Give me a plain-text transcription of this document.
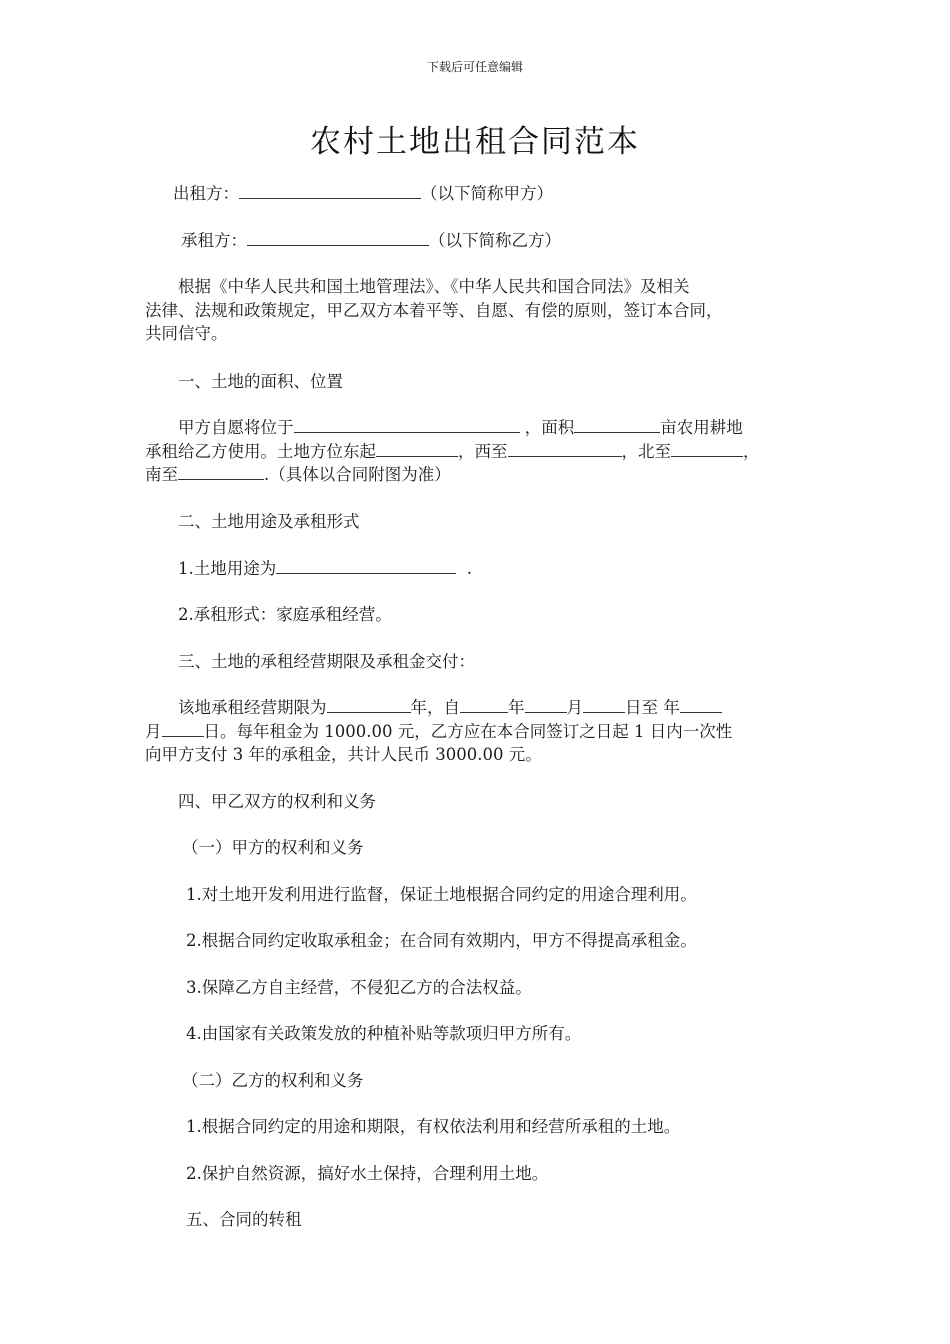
下载后可任意编辑
农村土地出租合同范本
出租方：	（以下简称甲方）
承租方：	（以下简称乙方）
根据《中华人民共和国土地管理法》、《中华人民共和国合同法》及相关
法律、法规和政策规定，甲乙双方本着平等、自愿、有偿的原则，签订本合同，
共同信守。
一、土地的面积、位置
甲方自愿将位于	，面积	亩农用耕地
承租给乙方使用。土地方位东起	，西至	，北至	，
南至	.（具体以合同附图为准）
二、土地用途及承租形式
1.土地用途为	.
2.承租形式：家庭承租经营。
三、土地的承租经营期限及承租金交付：
该地承租经营期限为	年，自	年	月	日至 年
月	日。每年租金为 1000.00 元，乙方应在本合同签订之日起 1 日内一次性
向甲方支付 3 年的承租金，共计人民币 3000.00 元。
四、甲乙双方的权利和义务
（一）甲方的权利和义务
1.对土地开发利用进行监督，保证土地根据合同约定的用途合理利用。
2.根据合同约定收取承租金；在合同有效期内，甲方不得提高承租金。
3.保障乙方自主经营，不侵犯乙方的合法权益。
4.由国家有关政策发放的种植补贴等款项归甲方所有。
（二）乙方的权利和义务
1.根据合同约定的用途和期限，有权依法利用和经营所承租的土地。
2.保护自然资源，搞好水土保持，合理利用土地。
五、合同的转租
